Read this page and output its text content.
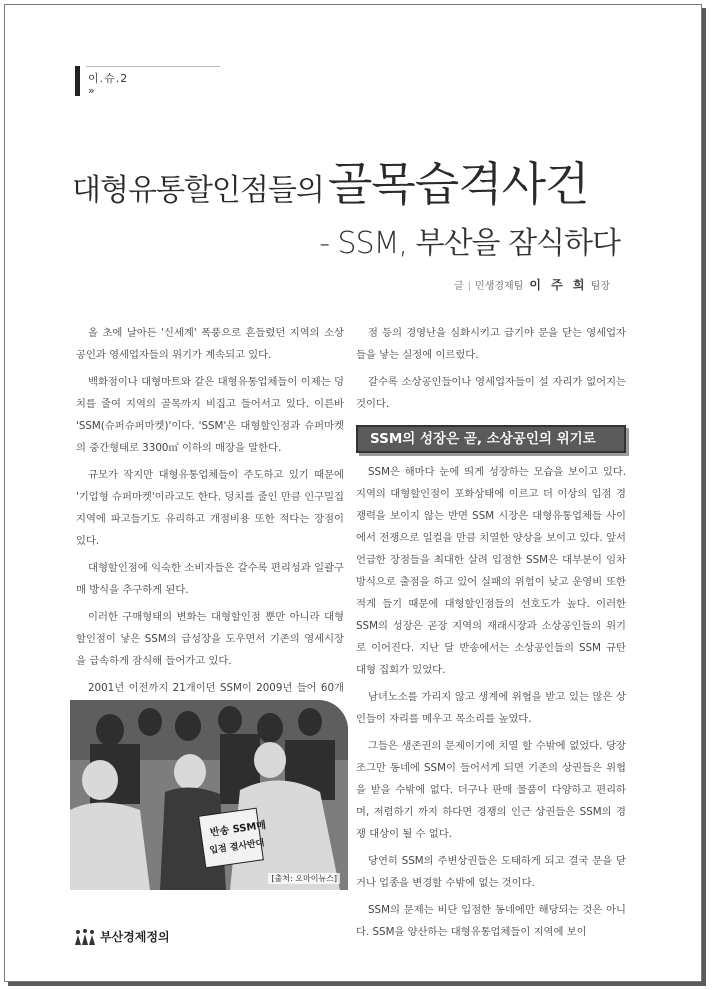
이.슈.2
»
대형유통할인점들의골목습격사건
- SSM, 부산을 잠식하다
글 | 민생경제팀 이 주 희 팀장

올 초에 날아든 '신세계' 폭풍으로 흔들렸던 지역의 소상공인과 영세업자들의 위기가 계속되고 있다.

백화점이나 대형마트와 같은 대형유통업체들이 이제는 덩치를 줄여 지역의 골목까지 비집고 들어서고 있다. 이른바 'SSM(슈퍼슈퍼마켓)'이다. 'SSM'은 대형할인점과 슈퍼마켓의 중간형태로 3300㎡ 이하의 매장을 말한다.

규모가 작지만 대형유통업체들이 주도하고 있기 때문에 '기업형 슈퍼마켓'이라고도 한다. 덩치를 줄인 만큼 인구밀집지역에 파고들기도 유리하고 개점비용 또한 적다는 장점이 있다.

대형할인점에 익숙한 소비자들은 갈수록 편리성과 일괄구매 방식을 추구하게 된다.

이러한 구매형태의 변화는 대형할인점 뿐만 아니라 대형할인점이 낳은 SSM의 급성장을 도우면서 기존의 영세시장을 급속하게 잠식해 들어가고 있다.

2001년 이전까지 21개이던 SSM이 2009년 들어 60개

반송 SSM매
입점 결사반대
[출처: 오마이뉴스]

점 등의 경영난을 심화시키고 급기야 문을 닫는 영세업자들을 낳는 실정에 이르렀다.

갈수록 소상공인들이나 영세업자들이 설 자리가 없어지는 것이다.

SSM의 성장은 곧, 소상공인의 위기로

SSM은 해마다 눈에 띄게 성장하는 모습을 보이고 있다. 지역의 대형할인점이 포화상태에 이르고 더 이상의 입점 경쟁력을 보이지 않는 반면 SSM 시장은 대형유통업체들 사이에서 전쟁으로 일컬을 만큼 치열한 양상을 보이고 있다. 앞서 언급한 장점들을 최대한 살려 입점한 SSM은 대부분이 임차방식으로 출점을 하고 있어 실패의 위험이 낮고 운영비 또한 적게 들기 때문에 대형할인점들의 선호도가 높다. 이러한 SSM의 성장은 곧장 지역의 재래시장과 소상공인들의 위기로 이어진다. 지난 달 반송에서는 소상공인들의 SSM 규탄 대형 집회가 있었다.

남녀노소를 가리지 않고 생계에 위협을 받고 있는 많은 상인들이 자리를 메우고 목소리를 높였다.

그들은 생존권의 문제이기에 치열 할 수밖에 없었다. 당장 조그만 동네에 SSM이 들어서게 되면 기존의 상권들은 위협을 받을 수밖에 없다. 더구나 판매 물품이 다양하고 편리하며, 저렴하기 까지 하다면 경쟁의 인근 상권들은 SSM의 경쟁 대상이 될 수 없다.

당연히 SSM의 주변상권들은 도태하게 되고 결국 문을 닫거나 업종을 변경할 수밖에 없는 것이다.

SSM의 문제는 비단 입점한 동네에만 해당되는 것은 아니다. SSM을 양산하는 대형유통업체들이 지역에 보이

부산경제정의
